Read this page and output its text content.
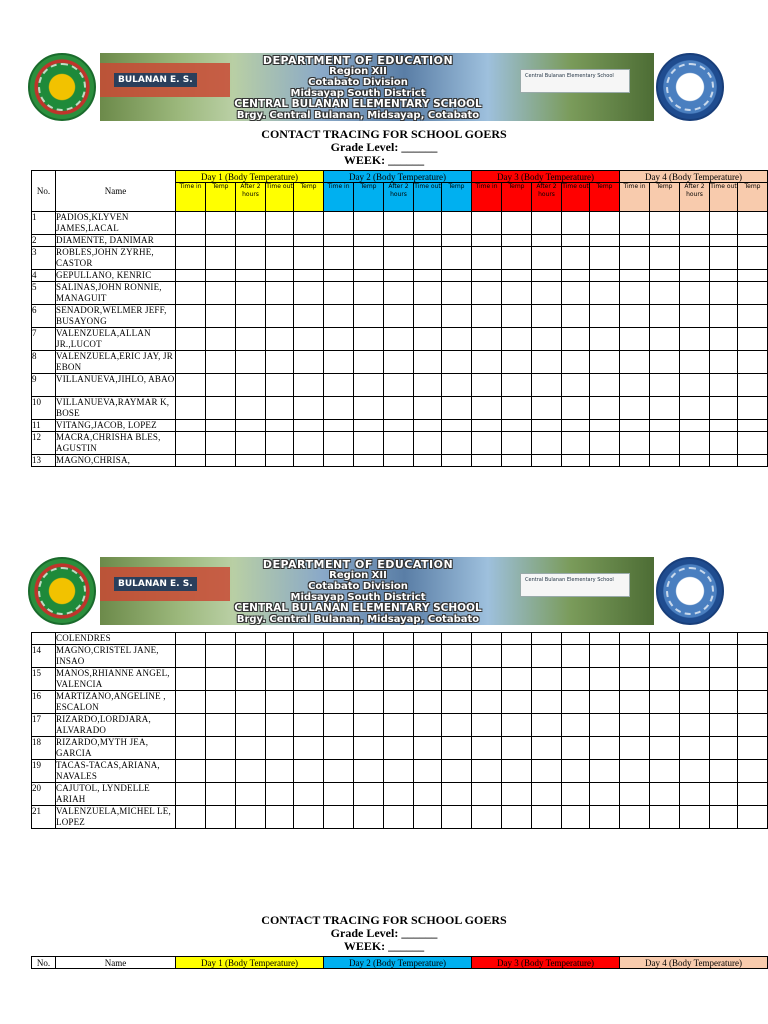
BULANAN E. S.	Central Bulanan Elementary School
DEPARTMENT OF EDUCATION
Region XII
Cotabato Division
Midsayap South District
CENTRAL BULANAN ELEMENTARY SCHOOL
Brgy. Central Bulanan, Midsayap, Cotabato
CONTACT TRACING FOR SCHOOL GOERS
Grade Level: ______
WEEK: ______
No.	Name	Day 1 (Body Temperature)					Day 2 (Body Temperature)					Day 3 (Body Temperature)					Day 4 (Body Temperature)				
		Time in	Temp	After 2 hours	Time out	Temp	Time in	Temp	After 2 hours	Time out	Temp	Time in	Temp	After 2 hours	Time out	Temp	Time in	Temp	After 2 hours	Time out	Temp
1	PADIOS,KLYVEN JAMES,LACAL																				
2	DIAMENTE, DANIMAR																				
3	ROBLES,JOHN ZYRHE, CASTOR																				
4	GEPULLANO, KENRIC																				
5	SALINAS,JOHN RONNIE, MANAGUIT																				
6	SENADOR,WELMER JEFF, BUSAYONG																				
7	VALENZUELA,ALLAN JR.,LUCOT																				
8	VALENZUELA,ERIC JAY, JR EBON																				
9	VILLANUEVA,JIHLO, ABAO																				
10	VILLANUEVA,RAYMAR K, BOSE																				
11	VITANG,JACOB, LOPEZ																				
12	MACRA,CHRISHA BLES, AGUSTIN																				
13	MAGNO,CHRISA,																				
BULANAN E. S.	Central Bulanan Elementary School
DEPARTMENT OF EDUCATION
Region XII
Cotabato Division
Midsayap South District
CENTRAL BULANAN ELEMENTARY SCHOOL
Brgy. Central Bulanan, Midsayap, Cotabato
	COLENDRES																				
14	MAGNO,CRISTEL JANE, INSAO																				
15	MANOS,RHIANNE ANGEL, VALENCIA																				
16	MARTIZANO,ANGELINE , ESCALON																				
17	RIZARDO,LORDJARA, ALVARADO																				
18	RIZARDO,MYTH JEA, GARCIA																				
19	TACAS-TACAS,ARIANA, NAVALES																				
20	CAJUTOL, LYNDELLE ARIAH																				
21	VALENZUELA,MICHEL LE, LOPEZ																				
CONTACT TRACING FOR SCHOOL GOERS
Grade Level: ______
WEEK: ______
No.	Name	Day 1 (Body Temperature)	Day 2 (Body Temperature)	Day 3 (Body Temperature)	Day 4 (Body Temperature)
